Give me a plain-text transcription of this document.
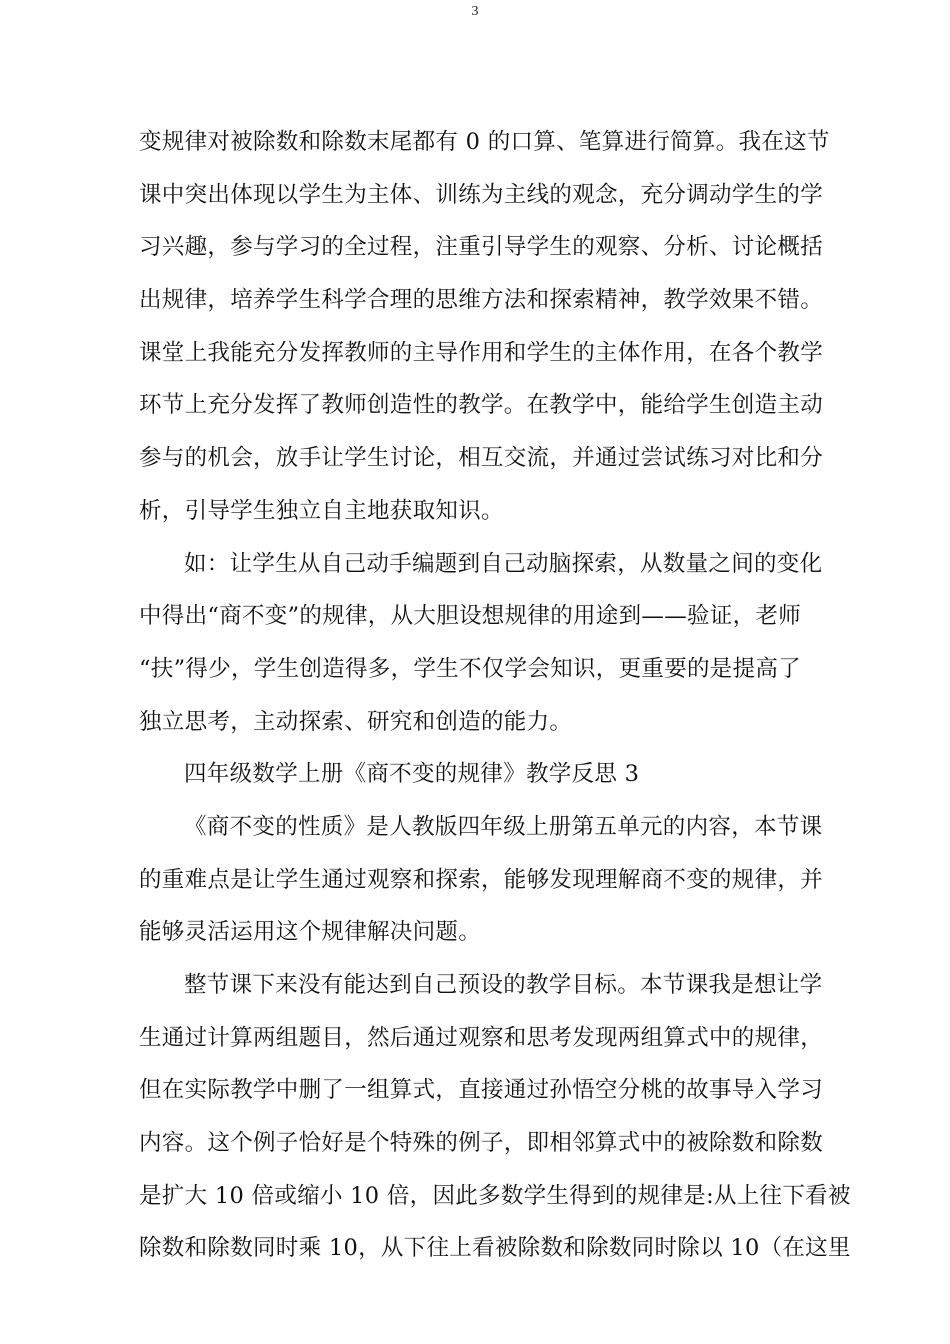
3
变规律对被除数和除数末尾都有 0 的口算、笔算进行简算。我在这节
课中突出体现以学生为主体、训练为主线的观念，充分调动学生的学
习兴趣，参与学习的全过程，注重引导学生的观察、分析、讨论概括
出规律，培养学生科学合理的思维方法和探索精神，教学效果不错。
课堂上我能充分发挥教师的主导作用和学生的主体作用，在各个教学
环节上充分发挥了教师创造性的教学。在教学中，能给学生创造主动
参与的机会，放手让学生讨论，相互交流，并通过尝试练习对比和分
析，引导学生独立自主地获取知识。
如：让学生从自己动手编题到自己动脑探索，从数量之间的变化
中得出“商不变”的规律，从大胆设想规律的用途到——验证，老师
“扶”得少，学生创造得多，学生不仅学会知识，更重要的是提高了
独立思考，主动探索、研究和创造的能力。
四年级数学上册《商不变的规律》教学反思 3
《商不变的性质》是人教版四年级上册第五单元的内容，本节课
的重难点是让学生通过观察和探索，能够发现理解商不变的规律，并
能够灵活运用这个规律解决问题。
整节课下来没有能达到自己预设的教学目标。本节课我是想让学
生通过计算两组题目，然后通过观察和思考发现两组算式中的规律，
但在实际教学中删了一组算式，直接通过孙悟空分桃的故事导入学习
内容。这个例子恰好是个特殊的例子，即相邻算式中的被除数和除数
是扩大 10 倍或缩小 10 倍，因此多数学生得到的规律是:从上往下看被
除数和除数同时乘 10，从下往上看被除数和除数同时除以 10（在这里
